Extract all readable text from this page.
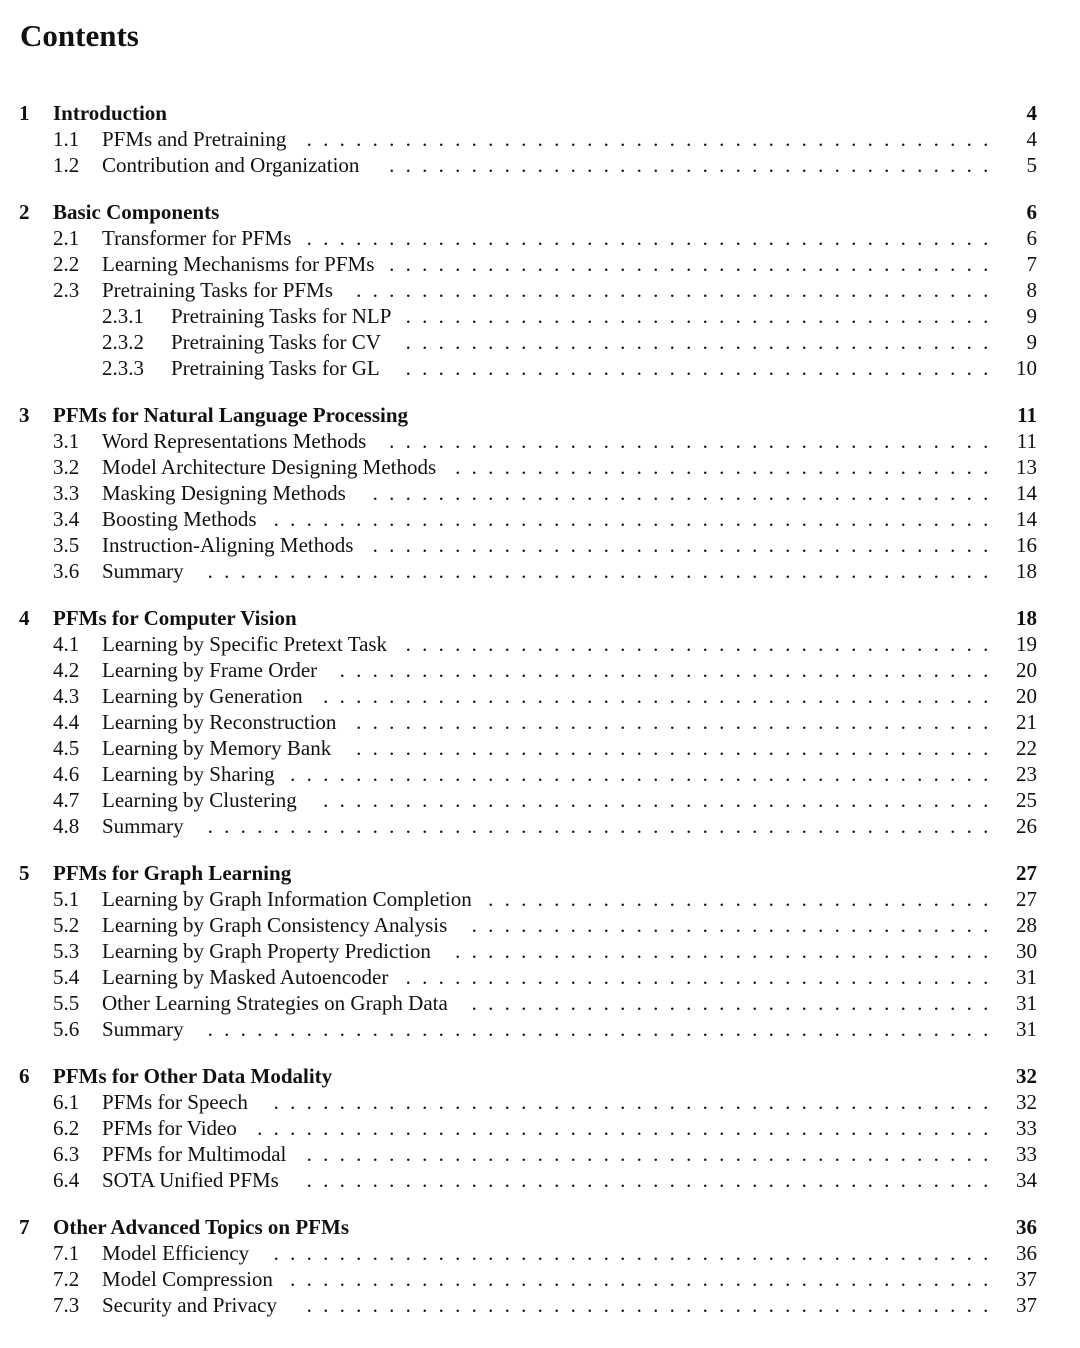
Contents
1 Introduction	4
1.1 PFMs and Pretraining . . . . . . . . . . . . . . . . . . . . . . . . . . . . . . . . . . . . . . . . . . 4
1.2 Contribution and Organization . . . . . . . . . . . . . . . . . . . . . . . . . . . . . . . . . . . . . 5
2 Basic Components	6
2.1 Transformer for PFMs . . . . . . . . . . . . . . . . . . . . . . . . . . . . . . . . . . . . . . . . . . 6
2.2 Learning Mechanisms for PFMs . . . . . . . . . . . . . . . . . . . . . . . . . . . . . . . . . . . . . 7
2.3 Pretraining Tasks for PFMs . . . . . . . . . . . . . . . . . . . . . . . . . . . . . . . . . . . . . . . 8
2.3.1 Pretraining Tasks for NLP . . . . . . . . . . . . . . . . . . . . . . . . . . . . . . . . . . . . 9
2.3.2 Pretraining Tasks for CV . . . . . . . . . . . . . . . . . . . . . . . . . . . . . . . . . . . . 9
2.3.3 Pretraining Tasks for GL . . . . . . . . . . . . . . . . . . . . . . . . . . . . . . . . . . . . 10
3 PFMs for Natural Language Processing	11
3.1 Word Representations Methods . . . . . . . . . . . . . . . . . . . . . . . . . . . . . . . . . . . . . 11
3.2 Model Architecture Designing Methods . . . . . . . . . . . . . . . . . . . . . . . . . . . . . . . . . 13
3.3 Masking Designing Methods . . . . . . . . . . . . . . . . . . . . . . . . . . . . . . . . . . . . . . 14
3.4 Boosting Methods . . . . . . . . . . . . . . . . . . . . . . . . . . . . . . . . . . . . . . . . . . . . 14
3.5 Instruction-Aligning Methods . . . . . . . . . . . . . . . . . . . . . . . . . . . . . . . . . . . . . . 16
3.6 Summary . . . . . . . . . . . . . . . . . . . . . . . . . . . . . . . . . . . . . . . . . . . . . . . . 18
4 PFMs for Computer Vision	18
4.1 Learning by Specific Pretext Task . . . . . . . . . . . . . . . . . . . . . . . . . . . . . . . . . . . . 19
4.2 Learning by Frame Order . . . . . . . . . . . . . . . . . . . . . . . . . . . . . . . . . . . . . . . . 20
4.3 Learning by Generation . . . . . . . . . . . . . . . . . . . . . . . . . . . . . . . . . . . . . . . . . 20
4.4 Learning by Reconstruction . . . . . . . . . . . . . . . . . . . . . . . . . . . . . . . . . . . . . . . 21
4.5 Learning by Memory Bank . . . . . . . . . . . . . . . . . . . . . . . . . . . . . . . . . . . . . . . 22
4.6 Learning by Sharing . . . . . . . . . . . . . . . . . . . . . . . . . . . . . . . . . . . . . . . . . . . 23
4.7 Learning by Clustering . . . . . . . . . . . . . . . . . . . . . . . . . . . . . . . . . . . . . . . . . 25
4.8 Summary . . . . . . . . . . . . . . . . . . . . . . . . . . . . . . . . . . . . . . . . . . . . . . . . 26
5 PFMs for Graph Learning	27
5.1 Learning by Graph Information Completion . . . . . . . . . . . . . . . . . . . . . . . . . . . . . . . 27
5.2 Learning by Graph Consistency Analysis . . . . . . . . . . . . . . . . . . . . . . . . . . . . . . . . 28
5.3 Learning by Graph Property Prediction . . . . . . . . . . . . . . . . . . . . . . . . . . . . . . . . . 30
5.4 Learning by Masked Autoencoder . . . . . . . . . . . . . . . . . . . . . . . . . . . . . . . . . . . . 31
5.5 Other Learning Strategies on Graph Data . . . . . . . . . . . . . . . . . . . . . . . . . . . . . . . . 31
5.6 Summary . . . . . . . . . . . . . . . . . . . . . . . . . . . . . . . . . . . . . . . . . . . . . . . . 31
6 PFMs for Other Data Modality	32
6.1 PFMs for Speech . . . . . . . . . . . . . . . . . . . . . . . . . . . . . . . . . . . . . . . . . . . . 32
6.2 PFMs for Video . . . . . . . . . . . . . . . . . . . . . . . . . . . . . . . . . . . . . . . . . . . . . 33
6.3 PFMs for Multimodal . . . . . . . . . . . . . . . . . . . . . . . . . . . . . . . . . . . . . . . . . . 33
6.4 SOTA Unified PFMs . . . . . . . . . . . . . . . . . . . . . . . . . . . . . . . . . . . . . . . . . . 34
7 Other Advanced Topics on PFMs	36
7.1 Model Efficiency . . . . . . . . . . . . . . . . . . . . . . . . . . . . . . . . . . . . . . . . . . . . 36
7.2 Model Compression . . . . . . . . . . . . . . . . . . . . . . . . . . . . . . . . . . . . . . . . . . . 37
7.3 Security and Privacy . . . . . . . . . . . . . . . . . . . . . . . . . . . . . . . . . . . . . . . . . . 37
